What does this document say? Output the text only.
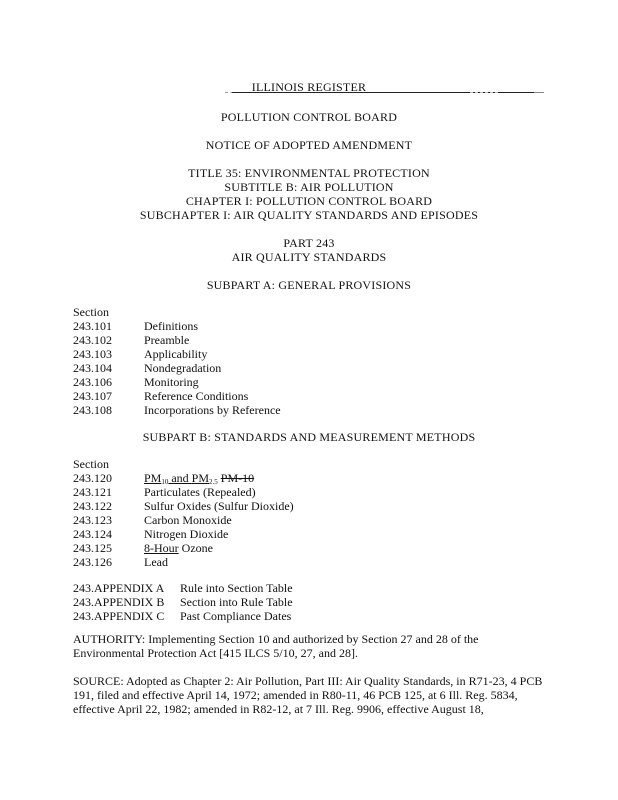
ILLINOIS REGISTER
POLLUTION CONTROL BOARD
NOTICE OF ADOPTED AMENDMENT
TITLE 35: ENVIRONMENTAL PROTECTION
SUBTITLE B: AIR POLLUTION
CHAPTER I: POLLUTION CONTROL BOARD
SUBCHAPTER I: AIR QUALITY STANDARDS AND EPISODES
PART 243
AIR QUALITY STANDARDS
SUBPART A: GENERAL PROVISIONS
Section
243.101	Definitions
243.102	Preamble
243.103	Applicability
243.104	Nondegradation
243.106	Monitoring
243.107	Reference Conditions
243.108	Incorporations by Reference
SUBPART B: STANDARDS AND MEASUREMENT METHODS
Section
243.120	$PM_{10}$ and $PM_{2.5}$ PM-10
243.121	Particulates (Repealed)
243.122	Sulfur Oxides (Sulfur Dioxide)
243.123	Carbon Monoxide
243.124	Nitrogen Dioxide
243.125	8-Hour Ozone
243.126	Lead
243.APPENDIX A Rule into Section Table
243.APPENDIX B Section into Rule Table
243.APPENDIX C Past Compliance Dates
AUTHORITY: Implementing Section 10 and authorized by Section 27 and 28 of the Environmental Protection Act [415 ILCS 5/10, 27, and 28].
SOURCE: Adopted as Chapter 2: Air Pollution, Part III: Air Quality Standards, in R71-23, 4 PCB 191, filed and effective April 14, 1972; amended in R80-11, 46 PCB 125, at 6 Ill. Reg. 5834, effective April 22, 1982; amended in R82-12, at 7 Ill. Reg. 9906, effective August 18,
